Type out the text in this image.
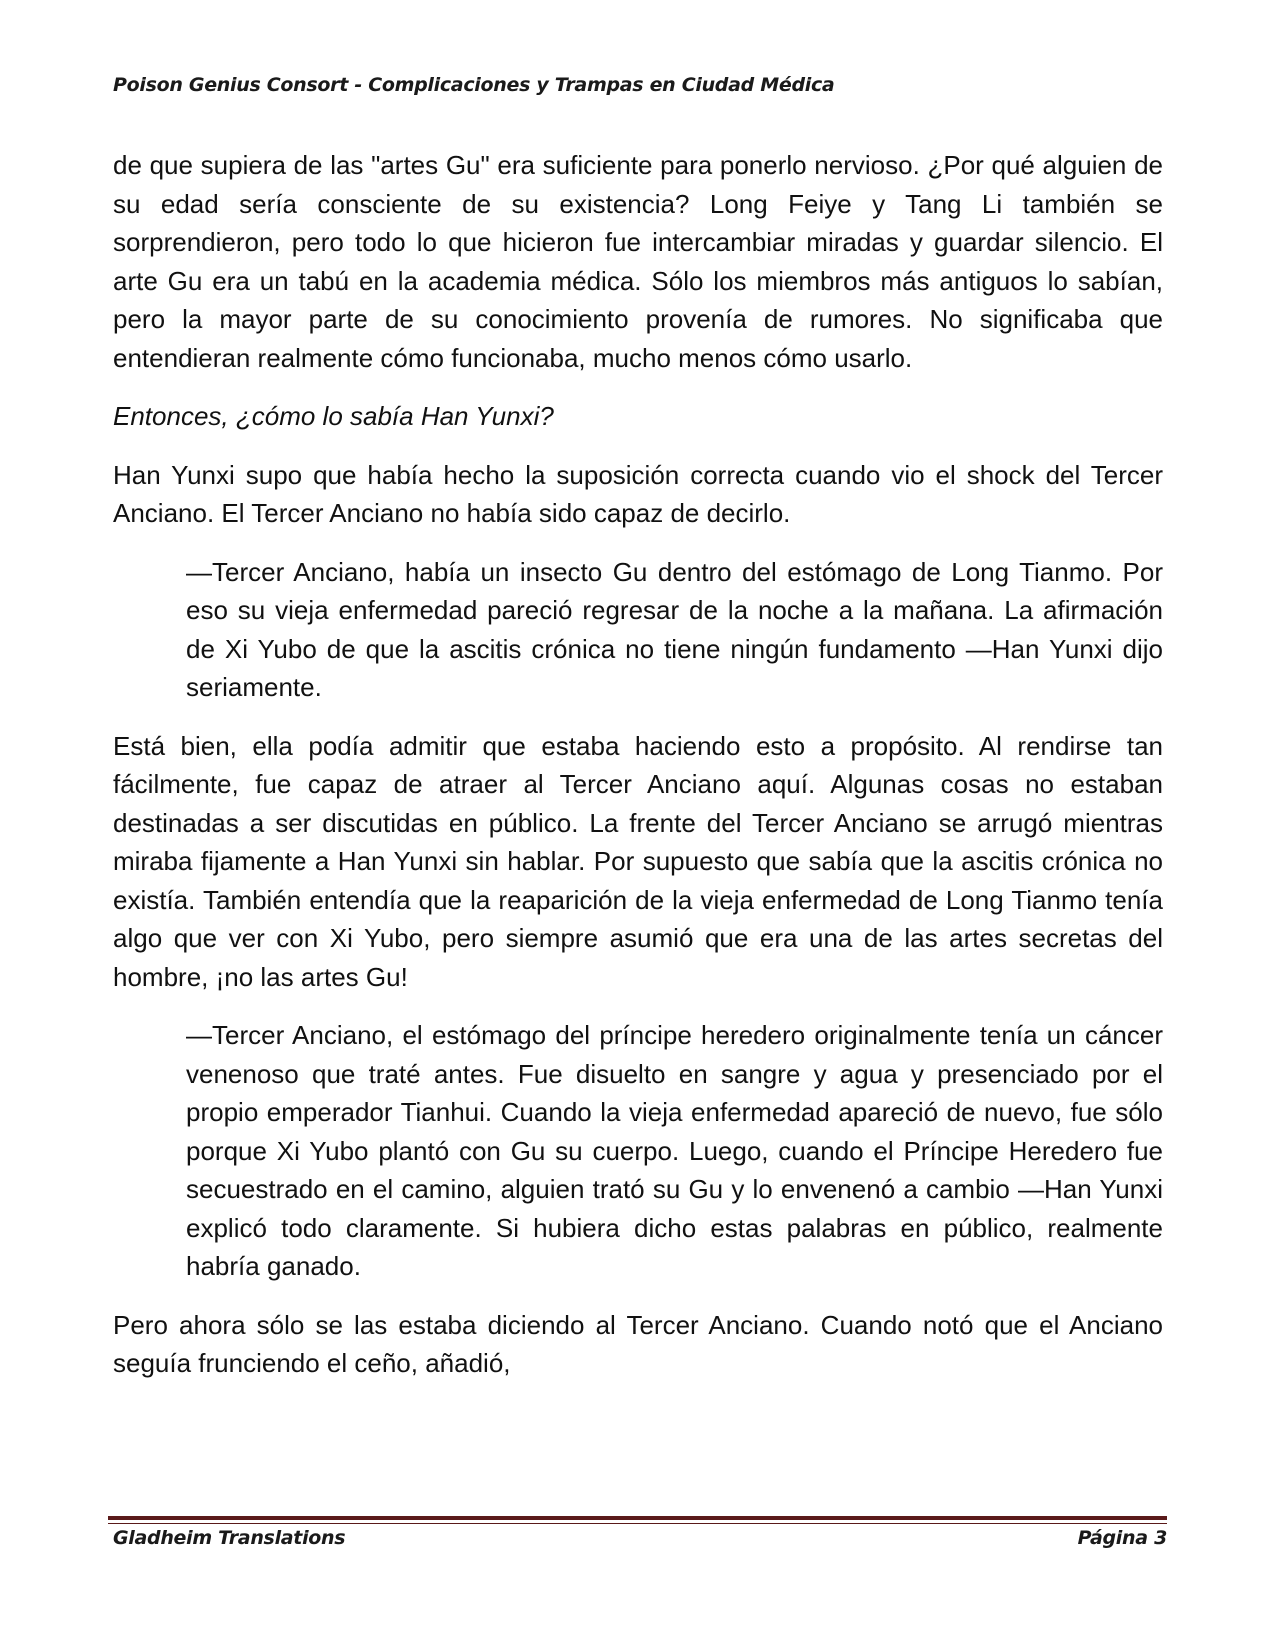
Poison Genius Consort - Complicaciones y Trampas en Ciudad Médica

de que supiera de las "artes Gu" era suficiente para ponerlo nervioso. ¿Por qué alguien de su edad sería consciente de su existencia? Long Feiye y Tang Li también se sorprendieron, pero todo lo que hicieron fue intercambiar miradas y guardar silencio. El arte Gu era un tabú en la academia médica. Sólo los miembros más antiguos lo sabían, pero la mayor parte de su conocimiento provenía de rumores. No significaba que entendieran realmente cómo funcionaba, mucho menos cómo usarlo.

Entonces, ¿cómo lo sabía Han Yunxi?

Han Yunxi supo que había hecho la suposición correcta cuando vio el shock del Tercer Anciano. El Tercer Anciano no había sido capaz de decirlo.

—Tercer Anciano, había un insecto Gu dentro del estómago de Long Tianmo. Por eso su vieja enfermedad pareció regresar de la noche a la mañana. La afirmación de Xi Yubo de que la ascitis crónica no tiene ningún fundamento —Han Yunxi dijo seriamente.

Está bien, ella podía admitir que estaba haciendo esto a propósito. Al rendirse tan fácilmente, fue capaz de atraer al Tercer Anciano aquí. Algunas cosas no estaban destinadas a ser discutidas en público. La frente del Tercer Anciano se arrugó mientras miraba fijamente a Han Yunxi sin hablar. Por supuesto que sabía que la ascitis crónica no existía. También entendía que la reaparición de la vieja enfermedad de Long Tianmo tenía algo que ver con Xi Yubo, pero siempre asumió que era una de las artes secretas del hombre, ¡no las artes Gu!

—Tercer Anciano, el estómago del príncipe heredero originalmente tenía un cáncer venenoso que traté antes. Fue disuelto en sangre y agua y presenciado por el propio emperador Tianhui. Cuando la vieja enfermedad apareció de nuevo, fue sólo porque Xi Yubo plantó con Gu su cuerpo. Luego, cuando el Príncipe Heredero fue secuestrado en el camino, alguien trató su Gu y lo envenenó a cambio —Han Yunxi explicó todo claramente. Si hubiera dicho estas palabras en público, realmente habría ganado.

Pero ahora sólo se las estaba diciendo al Tercer Anciano. Cuando notó que el Anciano seguía frunciendo el ceño, añadió,

Gladheim Translations	Página 3
